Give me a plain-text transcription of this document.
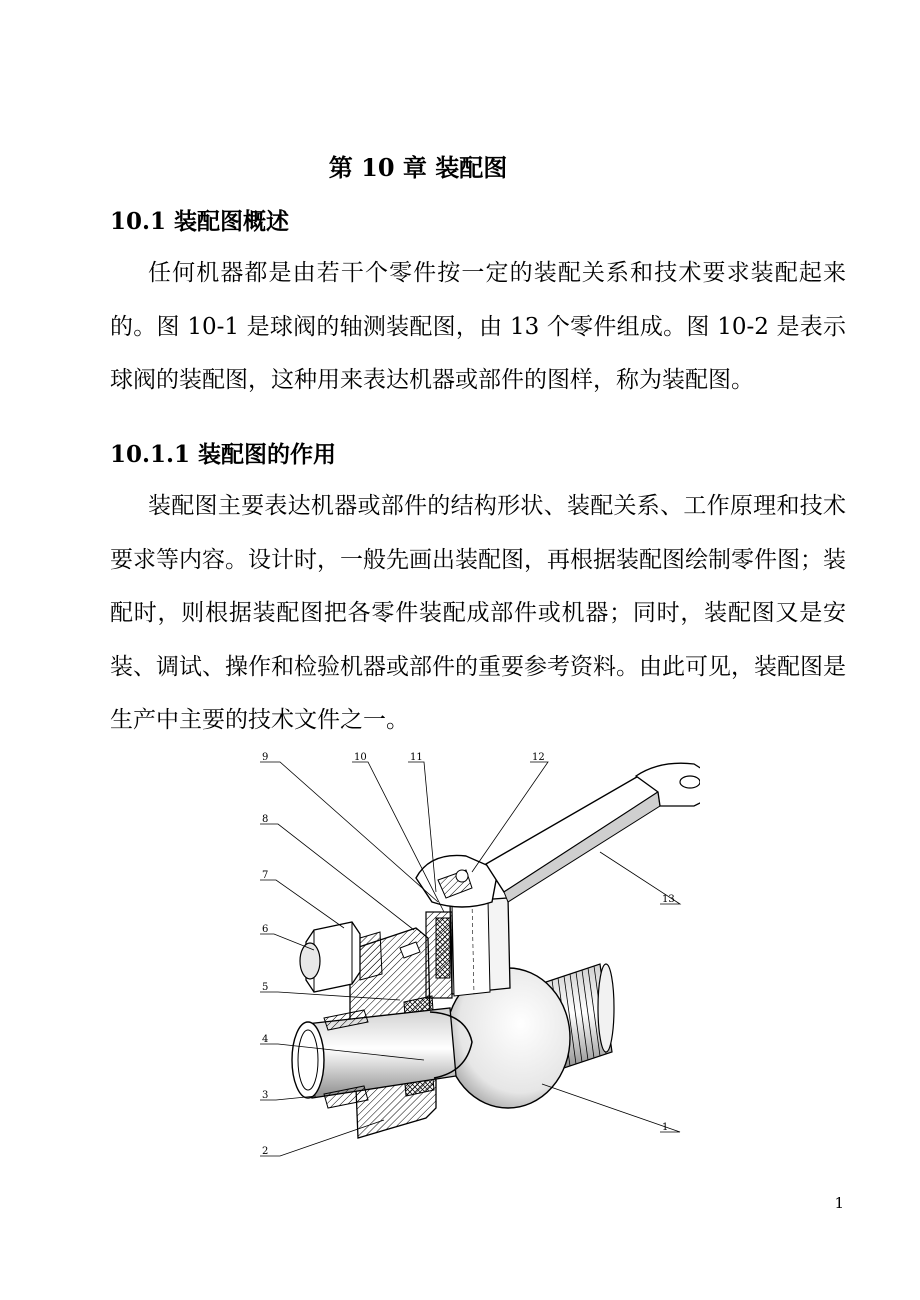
第 10 章 装配图
10.1 装配图概述

任何机器都是由若干个零件按一定的装配关系和技术要求装配起来的。图 10-1 是球阀的轴测装配图，由 13 个零件组成。图 10-2 是表示球阀的装配图，这种用来表达机器或部件的图样，称为装配图。

10.1.1 装配图的作用

装配图主要表达机器或部件的结构形状、装配关系、工作原理和技术要求等内容。设计时，一般先画出装配图，再根据装配图绘制零件图；装配时，则根据装配图把各零件装配成部件或机器；同时，装配图又是安装、调试、操作和检验机器或部件的重要参考资料。由此可见，装配图是生产中主要的技术文件之一。

9	10	11	12
8
7
6
5
4
3
2
1
13
1
